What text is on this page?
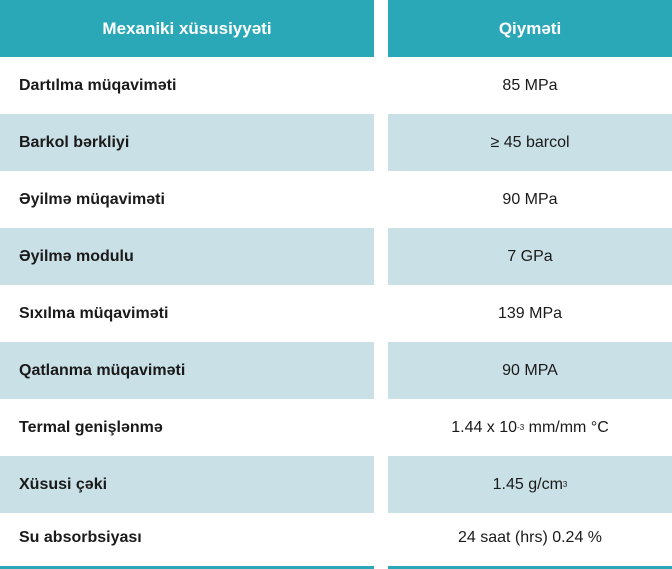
Mexaniki xüsusiyyəti	Qiyməti
Dartılma müqaviməti	85 MPa
Barkol bərkliyi	≥ 45 barcol
Əyilmə müqaviməti	90 MPa
Əyilmə modulu	7 GPa
Sıxılma müqaviməti	139 MPa
Qatlanma müqaviməti	90 MPA
Termal genişlənmə	1.44 x 10 -3 mm/mm °C
Xüsusi çəki	1.45 g/cm 3
Su absorbsiyası	24 saat (hrs) 0.24 %
